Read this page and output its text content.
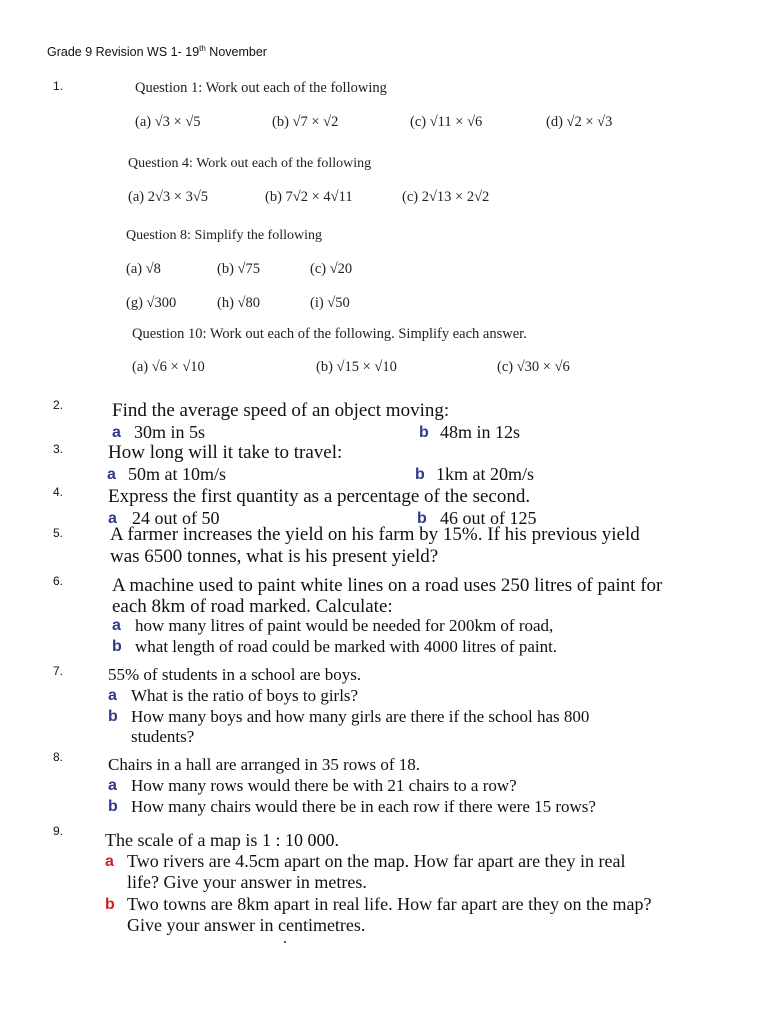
Grade 9 Revision WS 1- 19th November
1.	Question 1: Work out each of the following
(a) √3 × √5	(b) √7 × √2	(c) √11 × √6	(d) √2 × √3
Question 4: Work out each of the following
(a) 2√3 × 3√5	(b) 7√2 × 4√11	(c) 2√13 × 2√2
Question 8: Simplify the following
(a) √8	(b) √75	(c) √20
(g) √300	(h) √80	(i) √50
Question 10: Work out each of the following. Simplify each answer.
(a) √6 × √10	(b) √15 × √10	(c) √30 × √6
2.	Find the average speed of an object moving:
a 30m in 5s	b 48m in 12s
3. How long will it take to travel:
a 50m at 10m/s	b 1km at 20m/s
4. Express the first quantity as a percentage of the second.
a 24 out of 50	b 46 out of 125
5. A farmer increases the yield on his farm by 15%. If his previous yield
was 6500 tonnes, what is his present yield?
6.	A machine used to paint white lines on a road uses 250 litres of paint for
each 8km of road marked. Calculate:
a how many litres of paint would be needed for 200km of road,
b what length of road could be marked with 4000 litres of paint.
7.	55% of students in a school are boys.
a What is the ratio of boys to girls?
b How many boys and how many girls are there if the school has 800
students?
8.	Chairs in a hall are arranged in 35 rows of 18.
a How many rows would there be with 21 chairs to a row?
b How many chairs would there be in each row if there were 15 rows?
9. The scale of a map is 1 : 10 000.
a Two rivers are 4.5cm apart on the map. How far apart are they in real
life? Give your answer in metres.
b Two towns are 8km apart in real life. How far apart are they on the map?
Give your answer in centimetres.
